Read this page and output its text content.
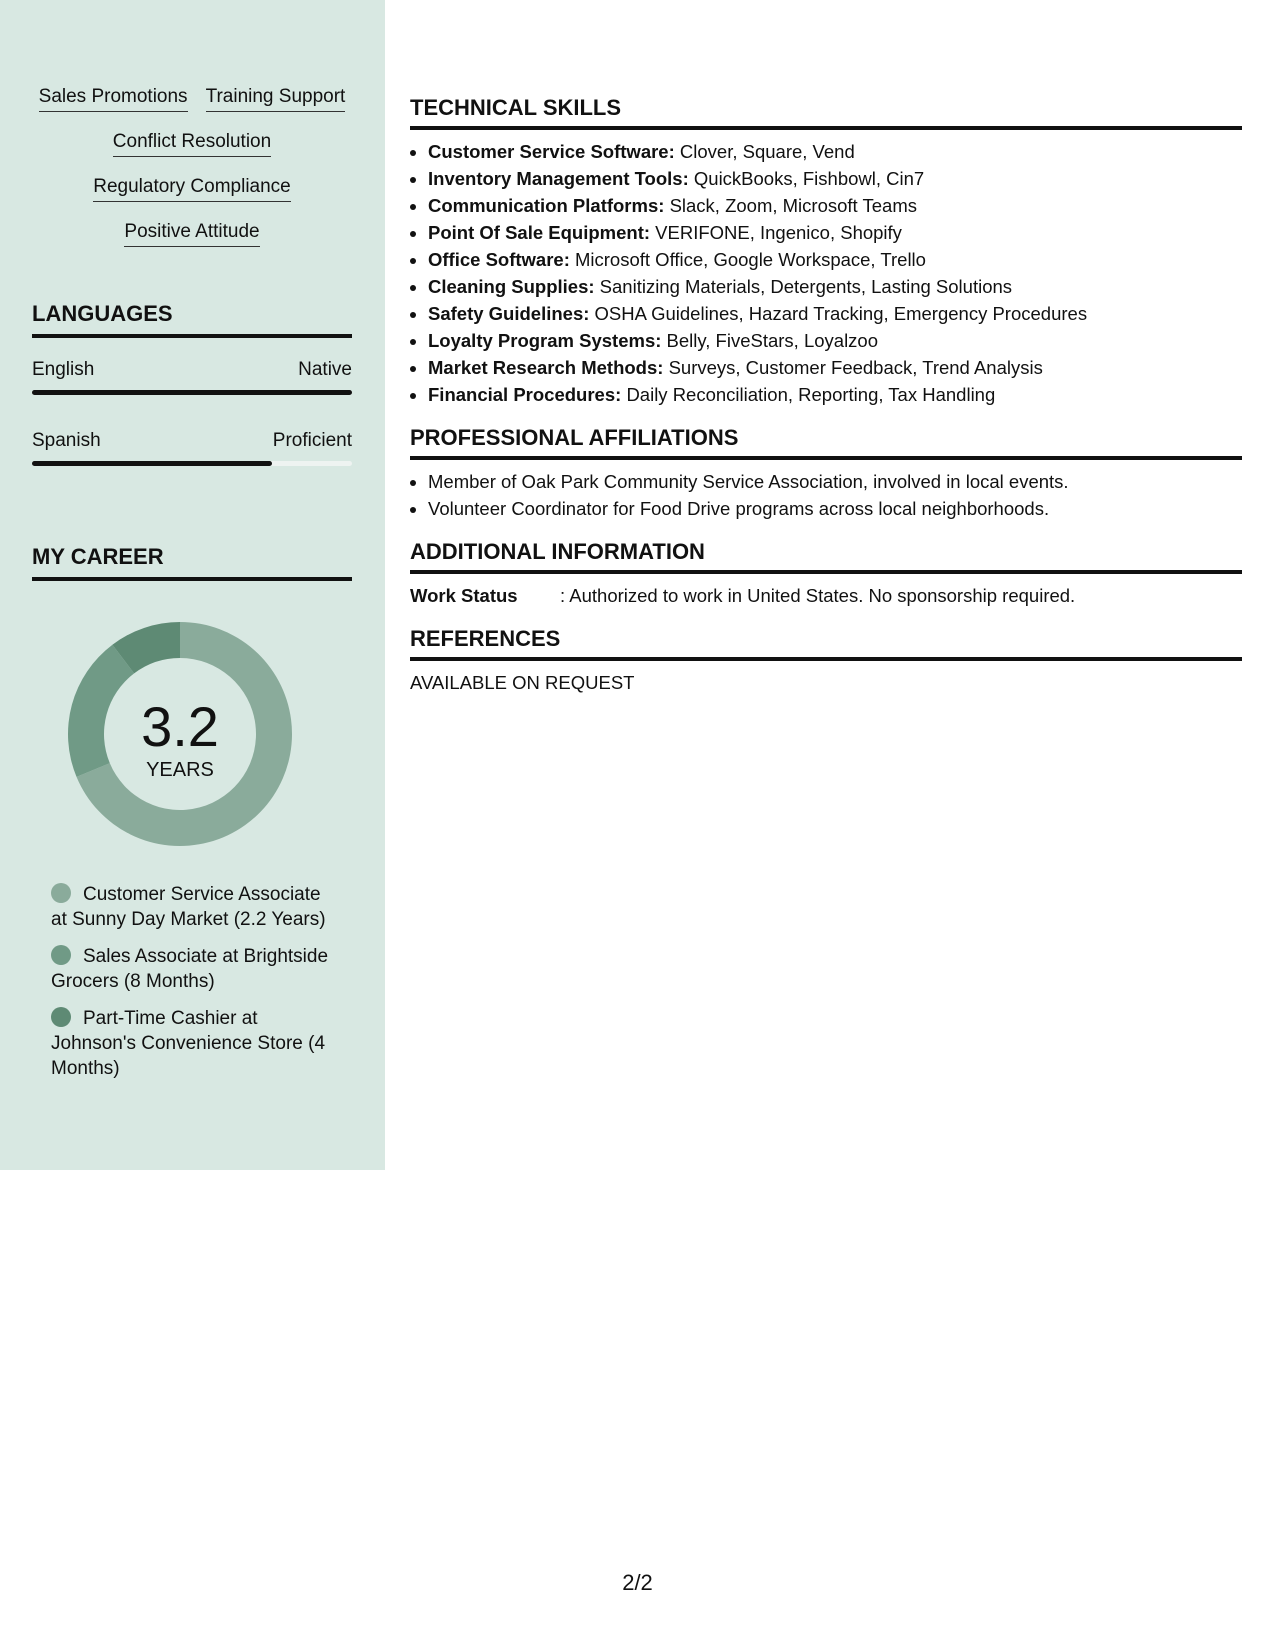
Sales Promotions Training Support
Conflict Resolution
Regulatory Compliance
Positive Attitude
LANGUAGES
English	Native
Spanish	Proficient
MY CAREER
3.2
YEARS
Customer Service Associate at Sunny Day Market (2.2 Years)
Sales Associate at Brightside Grocers (8 Months)
Part-Time Cashier at Johnson's Convenience Store (4 Months)
TECHNICAL SKILLS
• Customer Service Software: Clover, Square, Vend
• Inventory Management Tools: QuickBooks, Fishbowl, Cin7
• Communication Platforms: Slack, Zoom, Microsoft Teams
• Point Of Sale Equipment: VERIFONE, Ingenico, Shopify
• Office Software: Microsoft Office, Google Workspace, Trello
• Cleaning Supplies: Sanitizing Materials, Detergents, Lasting Solutions
• Safety Guidelines: OSHA Guidelines, Hazard Tracking, Emergency Procedures
• Loyalty Program Systems: Belly, FiveStars, Loyalzoo
• Market Research Methods: Surveys, Customer Feedback, Trend Analysis
• Financial Procedures: Daily Reconciliation, Reporting, Tax Handling
PROFESSIONAL AFFILIATIONS
• Member of Oak Park Community Service Association, involved in local events.
• Volunteer Coordinator for Food Drive programs across local neighborhoods.
ADDITIONAL INFORMATION
Work Status	: Authorized to work in United States. No sponsorship required.
REFERENCES
AVAILABLE ON REQUEST
2/2
